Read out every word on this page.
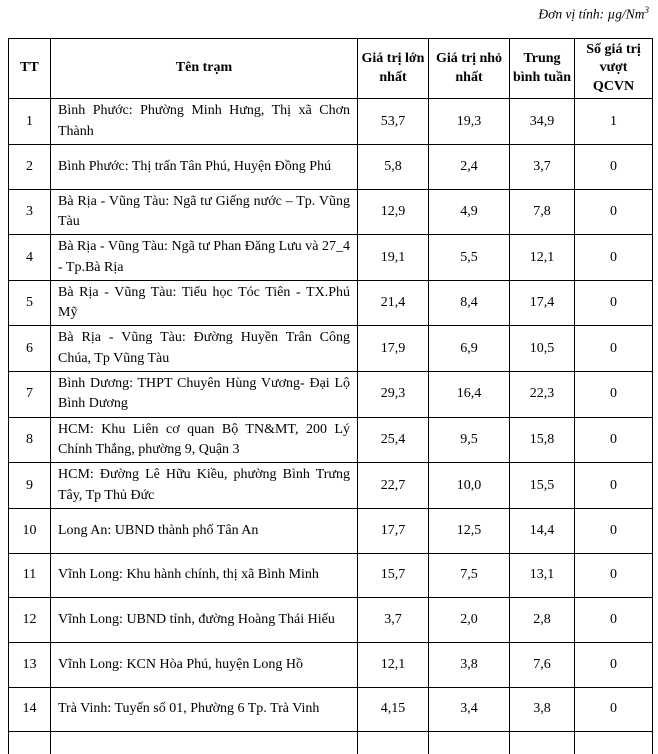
Đơn vị tính: µg/Nm$^3$
TT	Tên trạm	Giá trị lớn nhất	Giá trị nhỏ nhất	Trung bình tuần	Số giá trị vượt QCVN
1	Bình Phước: Phường Minh Hưng, Thị xã Chơn Thành	53,7	19,3	34,9	1
2	Bình Phước: Thị trấn Tân Phú, Huyện Đồng Phú	5,8	2,4	3,7	0
3	Bà Rịa - Vũng Tàu: Ngã tư Giếng nước – Tp. Vũng Tàu	12,9	4,9	7,8	0
4	Bà Rịa - Vũng Tàu: Ngã tư Phan Đăng Lưu và 27_4 - Tp.Bà Rịa	19,1	5,5	12,1	0
5	Bà Rịa - Vũng Tàu: Tiểu học Tóc Tiên - TX.Phú Mỹ	21,4	8,4	17,4	0
6	Bà Rịa - Vũng Tàu: Đường Huyền Trân Công Chúa, Tp Vũng Tàu	17,9	6,9	10,5	0
7	Bình Dương: THPT Chuyên Hùng Vương- Đại Lộ Bình Dương	29,3	16,4	22,3	0
8	HCM: Khu Liên cơ quan Bộ TN&MT, 200 Lý Chính Thắng, phường 9, Quận 3	25,4	9,5	15,8	0
9	HCM: Đường Lê Hữu Kiều, phường Bình Trưng Tây, Tp Thủ Đức	22,7	10,0	15,5	0
10	Long An: UBND thành phố Tân An	17,7	12,5	14,4	0
11	Vĩnh Long: Khu hành chính, thị xã Bình Minh	15,7	7,5	13,1	0
12	Vĩnh Long: UBND tỉnh, đường Hoàng Thái Hiếu	3,7	2,0	2,8	0
13	Vĩnh Long: KCN Hòa Phú, huyện Long Hồ	12,1	3,8	7,6	0
14	Trà Vinh: Tuyến số 01, Phường 6 Tp. Trà Vinh	4,15	3,4	3,8	0
